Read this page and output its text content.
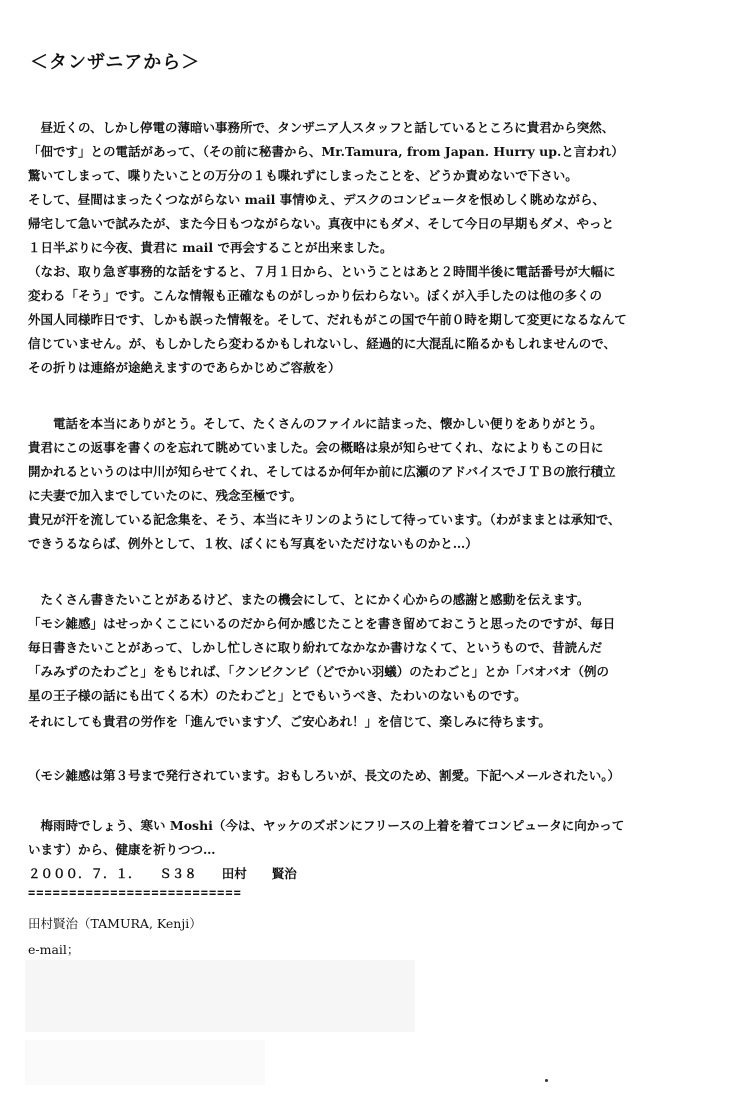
＜タンザニアから＞
　昼近くの、しかし停電の薄暗い事務所で、タンザニア人スタッフと話しているところに貴君から突然、
「佃です」との電話があって、（その前に秘書から、Mr.Tamura, from Japan. Hurry up.と言われ）
驚いてしまって、喋りたいことの万分の１も喋れずにしまったことを、どうか責めないで下さい。
そして、昼間はまったくつながらない mail 事情ゆえ、デスクのコンピュータを恨めしく眺めながら、
帰宅して急いで試みたが、また今日もつながらない。真夜中にもダメ、そして今日の早期もダメ、やっと
１日半ぶりに今夜、貴君に mail で再会することが出来ました。
（なお、取り急ぎ事務的な話をすると、７月１日から、ということはあと２時間半後に電話番号が大幅に
変わる「そう」です。こんな情報も正確なものがしっかり伝わらない。ぼくが入手したのは他の多くの
外国人同様昨日です、しかも誤った情報を。そして、だれもがこの国で午前０時を期して変更になるなんて
信じていません。が、もしかしたら変わるかもしれないし、経過的に大混乱に陥るかもしれませんので、
その折りは連絡が途絶えますのであらかじめご容赦を）
　　電話を本当にありがとう。そして、たくさんのファイルに詰まった、懐かしい便りをありがとう。
貴君にこの返事を書くのを忘れて眺めていました。会の概略は泉が知らせてくれ、なによりもこの日に
開かれるというのは中川が知らせてくれ、そしてはるか何年か前に広瀬のアドバイスでＪＴＢの旅行積立
に夫妻で加入までしていたのに、残念至極です。
貴兄が汗を流している記念集を、そう、本当にキリンのようにして待っています。（わがままとは承知で、
できうるならば、例外として、１枚、ぼくにも写真をいただけないものかと…）
　たくさん書きたいことがあるけど、またの機会にして、とにかく心からの感謝と感動を伝えます。
「モシ雑感」はせっかくここにいるのだから何か感じたことを書き留めておこうと思ったのですが、毎日
毎日書きたいことがあって、しかし忙しさに取り紛れてなかなか書けなくて、というもので、昔読んだ
「みみずのたわごと」をもじれば、「クンビクンビ（どでかい羽蟻）のたわごと」とか「バオバオ（例の
星の王子様の話にも出てくる木）のたわごと」とでもいうべき、たわいのないものです。
それにしても貴君の労作を「進んでいますゾ、ご安心あれ！」を信じて、楽しみに待ちます。
（モシ雑感は第３号まで発行されています。おもしろいが、長文のため、割愛。下記へメールされたい。）
　梅雨時でしょう、寒い Moshi（今は、ヤッケのズボンにフリースの上着を着てコンピュータに向かって
います）から、健康を祈りつつ…
２０００．７．１．　　Ｓ３８　　田村　　賢治
==========================
田村賢治（TAMURA, Kenji）
e-mail；
